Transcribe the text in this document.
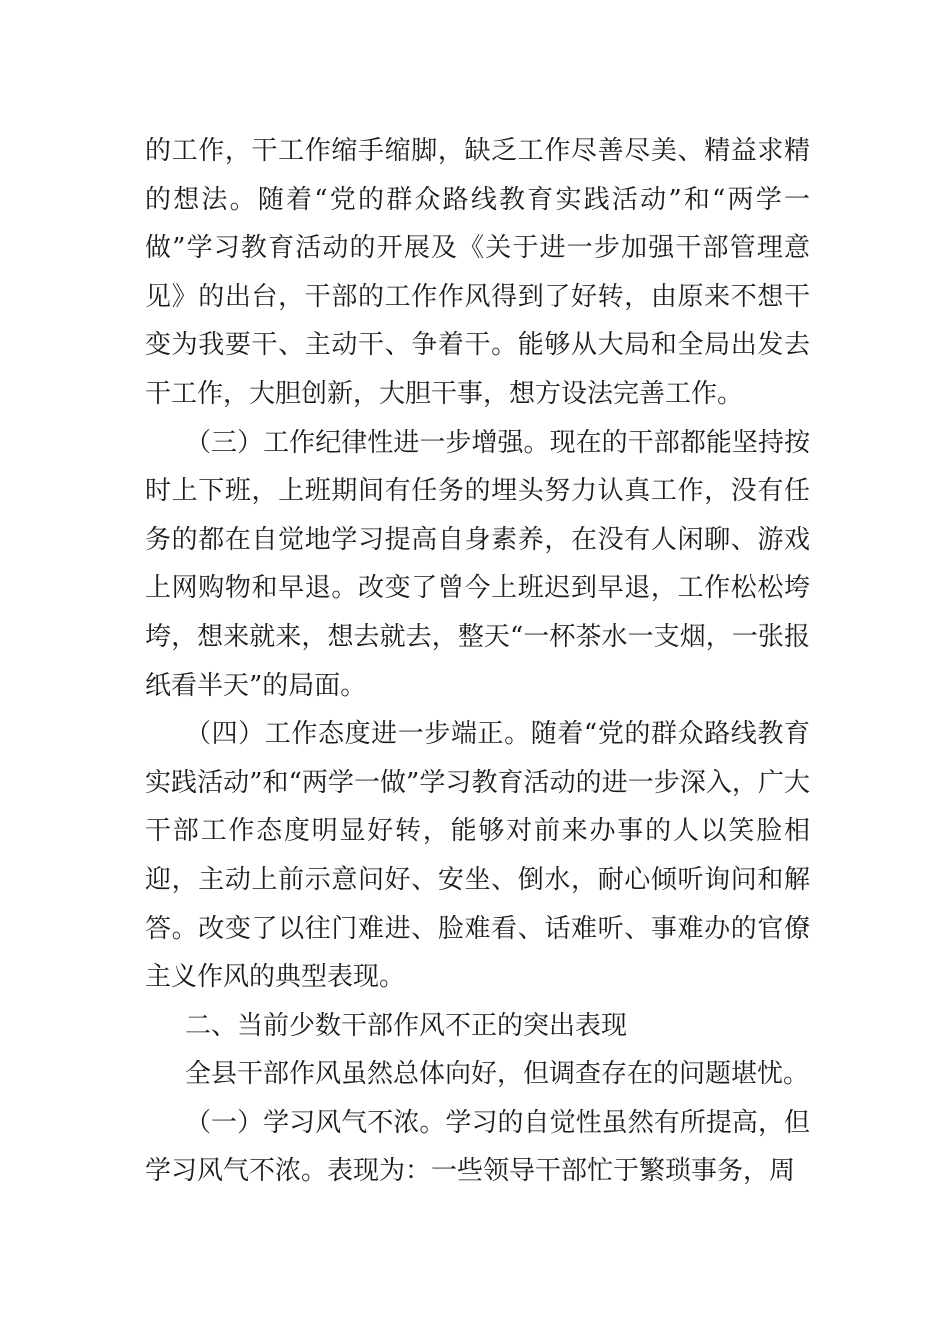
的工作，干工作缩手缩脚，缺乏工作尽善尽美、精益求精的想法。随着“党的群众路线教育实践活动”和“两学一做”学习教育活动的开展及《关于进一步加强干部管理意见》的出台，干部的工作作风得到了好转，由原来不想干变为我要干、主动干、争着干。能够从大局和全局出发去干工作，大胆创新，大胆干事，想方设法完善工作。

（三）工作纪律性进一步增强。现在的干部都能坚持按时上下班，上班期间有任务的埋头努力认真工作，没有任务的都在自觉地学习提高自身素养，在没有人闲聊、游戏上网购物和早退。改变了曾今上班迟到早退，工作松松垮垮，想来就来，想去就去，整天“一杯茶水一支烟，一张报纸看半天”的局面。

（四）工作态度进一步端正。随着“党的群众路线教育实践活动”和“两学一做”学习教育活动的进一步深入，广大干部工作态度明显好转，能够对前来办事的人以笑脸相迎，主动上前示意问好、安坐、倒水，耐心倾听询问和解答。改变了以往门难进、脸难看、话难听、事难办的官僚主义作风的典型表现。

二、当前少数干部作风不正的突出表现

全县干部作风虽然总体向好，但调查存在的问题堪忧。

（一）学习风气不浓。学习的自觉性虽然有所提高，但学习风气不浓。表现为：一些领导干部忙于繁琐事务，周
